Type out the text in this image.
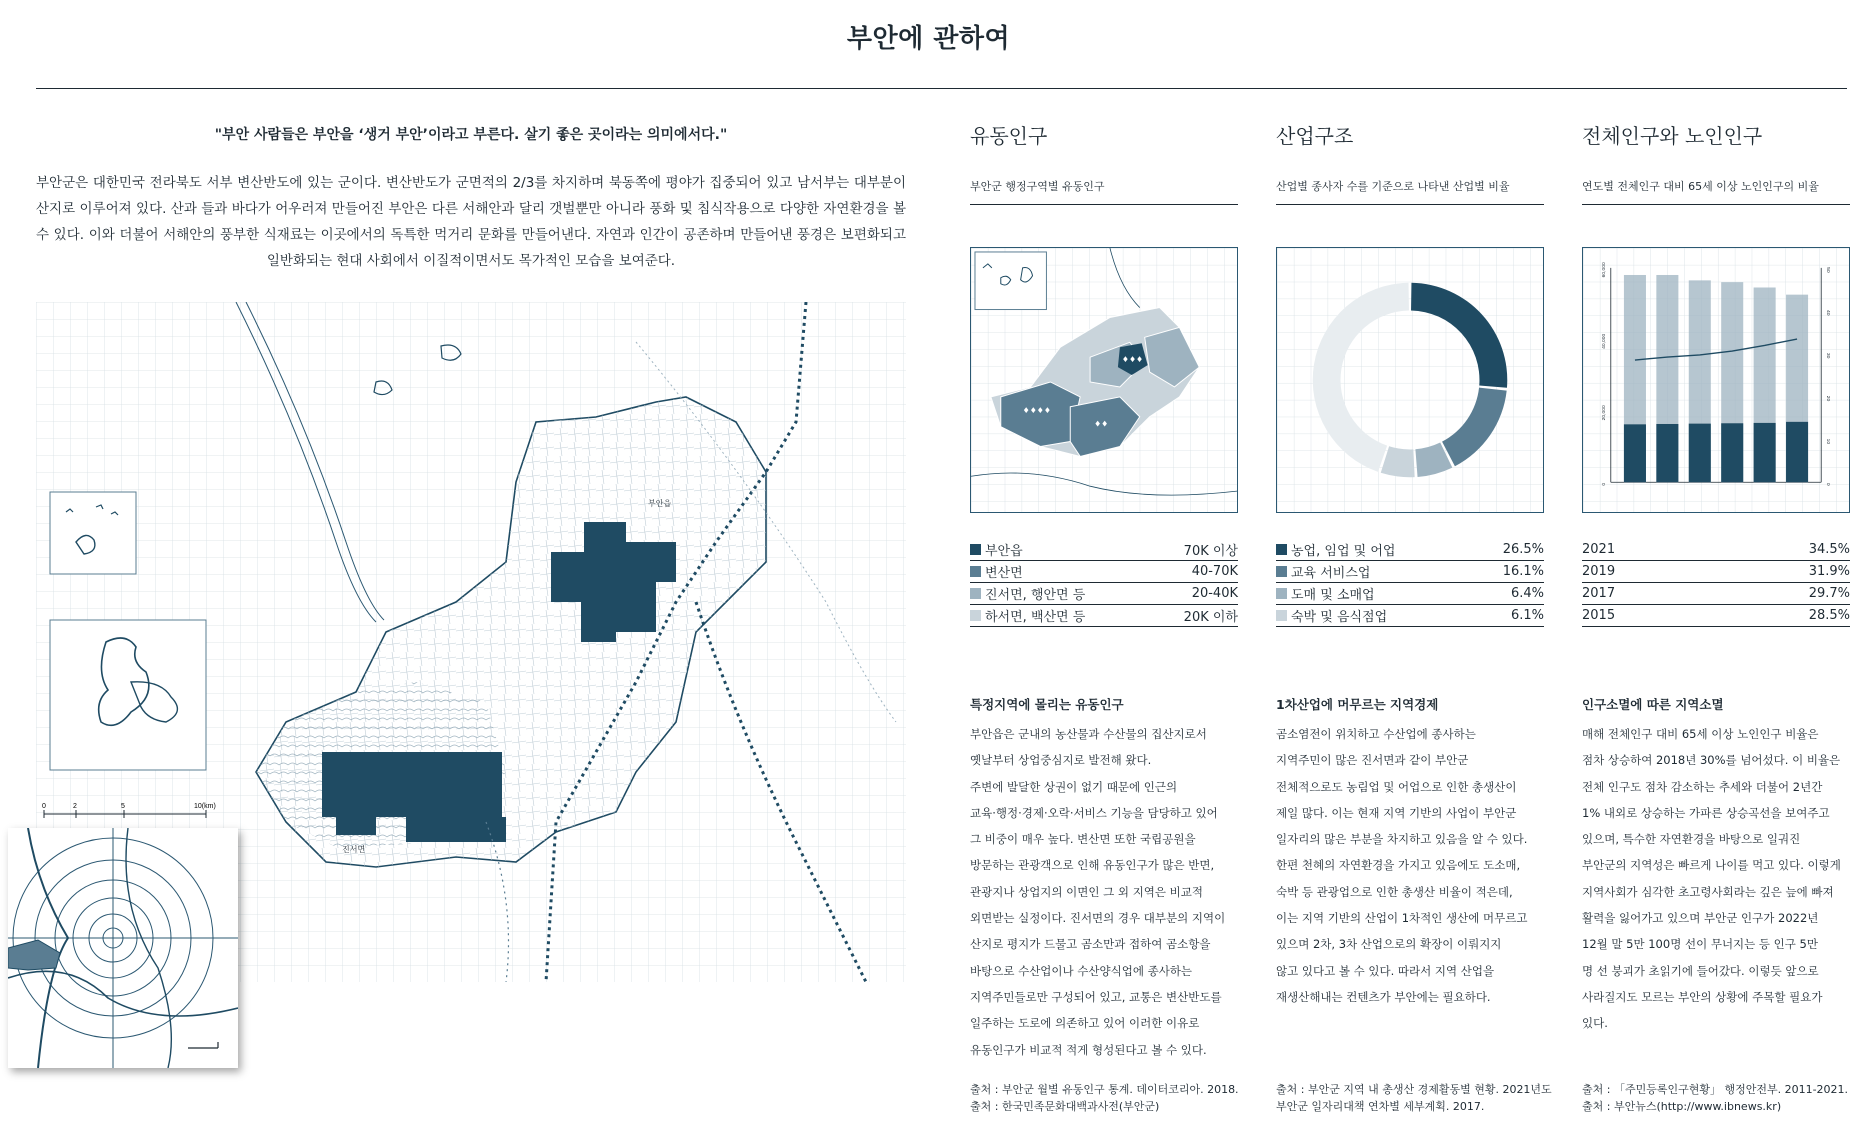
부안에 관하여
"부안 사람들은 부안을 ‘생거 부안’이라고 부른다. 살기 좋은 곳이라는 의미에서다."
부안군은 대한민국 전라북도 서부 변산반도에 있는 군이다. 변산반도가 군면적의 2/3를 차지하며 북동쪽에 평야가 집중되어 있고 남서부는 대부분이 산지로 이루어져 있다. 산과 들과 바다가 어우러져 만들어진 부안은 다른 서해안과 달리 갯벌뿐만 아니라 풍화 및 침식작용으로 다양한 자연환경을 볼 수 있다. 이와 더불어 서해안의 풍부한 식재료는 이곳에서의 독특한 먹거리 문화를 만들어낸다. 자연과 인간이 공존하며 만들어낸 풍경은 보편화되고 일반화되는 현대 사회에서 이질적이면서도 목가적인 모습을 보여준다.
0	2	5	10(km)
부안읍
진서면
유동인구
부안군 행정구역별 유동인구
♦♦♦♦
♦♦
♦♦♦
부안읍	70K 이상
변산면	40-70K
진서면, 행안면 등	20-40K
하서면, 백산면 등	20K 이하
특정지역에 몰리는 유동인구
부안읍은 군내의 농산물과 수산물의 집산지로서
옛날부터 상업중심지로 발전해 왔다.
주변에 발달한 상권이 없기 때문에 인근의
교육·행정·경제·오락·서비스 기능을 담당하고 있어
그 비중이 매우 높다. 변산면 또한 국립공원을
방문하는 관광객으로 인해 유동인구가 많은 반면,
관광지나 상업지의 이면인 그 외 지역은 비교적
외면받는 실정이다. 진서면의 경우 대부분의 지역이
산지로 평지가 드물고 곰소만과 접하여 곰소항을
바탕으로 수산업이나 수산양식업에 종사하는
지역주민들로만 구성되어 있고, 교통은 변산반도를
일주하는 도로에 의존하고 있어 이러한 이유로
유동인구가 비교적 적게 형성된다고 볼 수 있다.
출처 : 부안군 월별 유동인구 통계. 데이터코리아. 2018.
출처 : 한국민족문화대백과사전(부안군)
산업구조
산업별 종사자 수를 기준으로 나타낸 산업별 비율
농업, 임업 및 어업	26.5%
교육 서비스업	16.1%
도매 및 소매업	6.4%
숙박 및 음식점업	6.1%
1차산업에 머무르는 지역경제
곰소염전이 위치하고 수산업에 종사하는
지역주민이 많은 진서면과 같이 부안군
전체적으로도 농림업 및 어업으로 인한 총생산이
제일 많다. 이는 현재 지역 기반의 사업이 부안군
일자리의 많은 부분을 차지하고 있음을 알 수 있다.
한편 천혜의 자연환경을 가지고 있음에도 도소매,
숙박 등 관광업으로 인한 총생산 비율이 적은데,
이는 지역 기반의 산업이 1차적인 생산에 머무르고
있으며 2차, 3차 산업으로의 확장이 이뤄지지
않고 있다고 볼 수 있다. 따라서 지역 산업을
재생산해내는 컨텐츠가 부안에는 필요하다.
출처 : 부안군 지역 내 총생산 경제활동별 현황. 2021년도
부안군 일자리대책 연차별 세부계획. 2017.
전체인구와 노인인구
연도별 전체인구 대비 65세 이상 노인인구의 비율
60,000
40,000
20,000
0
50
40
30
20
10
0
2021	34.5%
2019	31.9%
2017	29.7%
2015	28.5%
인구소멸에 따른 지역소멸
매해 전체인구 대비 65세 이상 노인인구 비율은
점차 상승하여 2018년 30%를 넘어섰다. 이 비율은
전체 인구도 점차 감소하는 추세와 더불어 2년간
1% 내외로 상승하는 가파른 상승곡선을 보여주고
있으며, 특수한 자연환경을 바탕으로 일궈진
부안군의 지역성은 빠르게 나이를 먹고 있다. 이렇게
지역사회가 심각한 초고령사회라는 깊은 늪에 빠져
활력을 잃어가고 있으며 부안군 인구가 2022년
12월 말 5만 100명 선이 무너지는 등 인구 5만
명 선 붕괴가 초읽기에 들어갔다. 이렇듯 앞으로
사라질지도 모르는 부안의 상황에 주목할 필요가
있다.
출처 : 「주민등록인구현황」 행정안전부. 2011-2021.
출처 : 부안뉴스(http://www.ibnews.kr)
